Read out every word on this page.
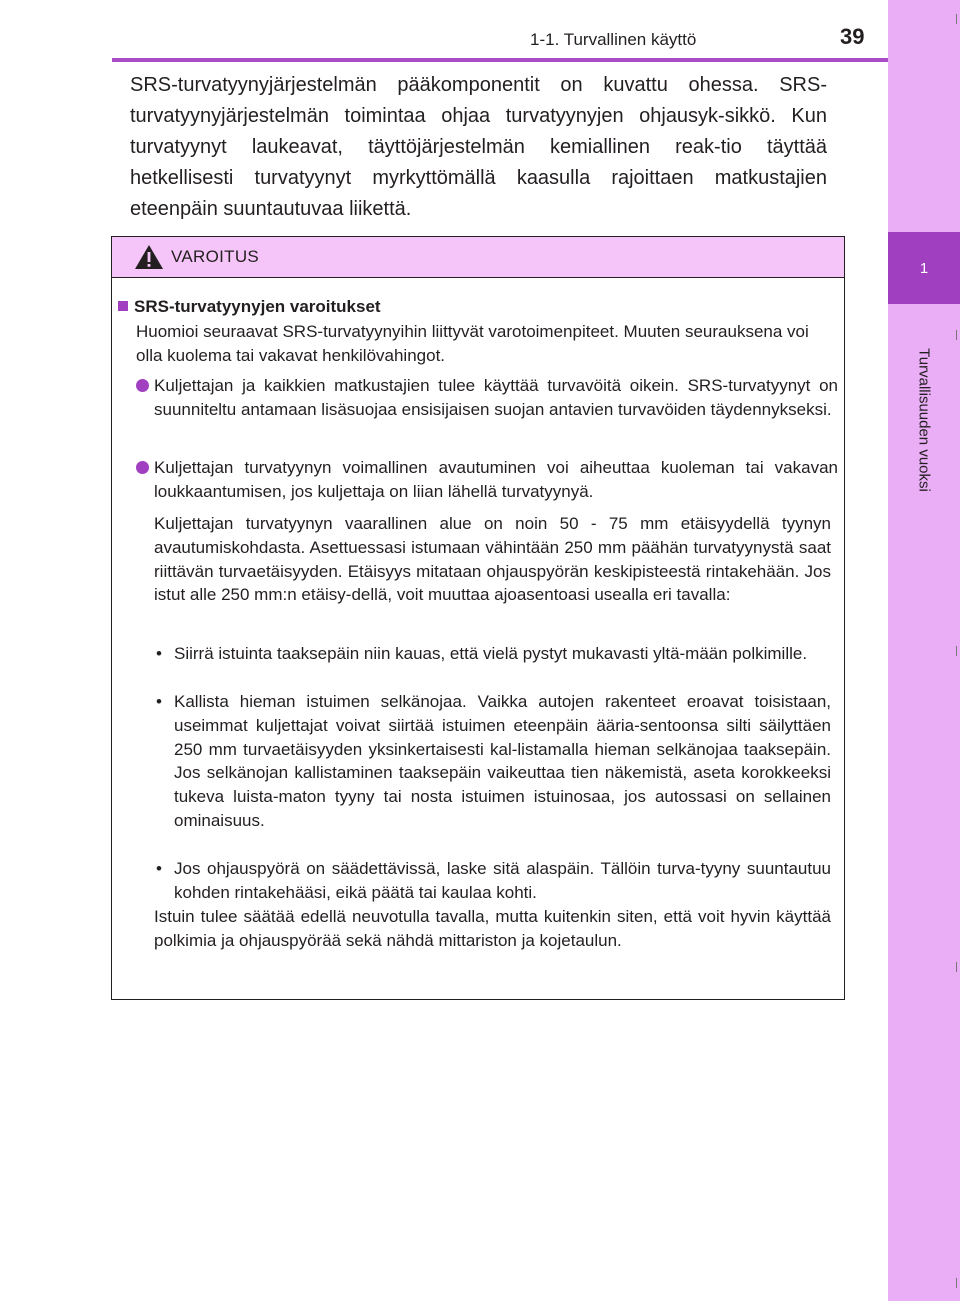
1
Turvallisuuden vuoksi
1-1. Turvallinen käyttö	39

SRS-turvatyynyjärjestelmän pääkomponentit on kuvattu ohessa. SRS-turvatyynyjärjestelmän toimintaa ohjaa turvatyynyjen ohjausyk-sikkö. Kun turvatyynyt laukeavat, täyttöjärjestelmän kemiallinen reak-tio täyttää hetkellisesti turvatyynyt myrkyttömällä kaasulla rajoittaen matkustajien eteenpäin suuntautuvaa liikettä.

VAROITUS
SRS-turvatyynyjen varoitukset

Huomioi seuraavat SRS-turvatyynyihin liittyvät varotoimenpiteet. Muuten seurauksena voi olla kuolema tai vakavat henkilövahingot.

Kuljettajan ja kaikkien matkustajien tulee käyttää turvavöitä oikein. SRS-turvatyynyt on suunniteltu antamaan lisäsuojaa ensisijaisen suojan antavien turvavöiden täydennykseksi.

Kuljettajan turvatyynyn voimallinen avautuminen voi aiheuttaa kuoleman tai vakavan loukkaantumisen, jos kuljettaja on liian lähellä turvatyynyä.

Kuljettajan turvatyynyn vaarallinen alue on noin 50 - 75 mm etäisyydellä tyynyn avautumiskohdasta. Asettuessasi istumaan vähintään 250 mm päähän turvatyynystä saat riittävän turvaetäisyyden. Etäisyys mitataan ohjauspyörän keskipisteestä rintakehään. Jos istut alle 250 mm:n etäisy-dellä, voit muuttaa ajoasentoasi usealla eri tavalla:

• Siirrä istuinta taaksepäin niin kauas, että vielä pystyt mukavasti yltä-mään polkimille.

• Kallista hieman istuimen selkänojaa. Vaikka autojen rakenteet eroavat toisistaan, useimmat kuljettajat voivat siirtää istuimen eteenpäin ääria-sentoonsa silti säilyttäen 250 mm turvaetäisyyden yksinkertaisesti kal-listamalla hieman selkänojaa taaksepäin. Jos selkänojan kallistaminen taaksepäin vaikeuttaa tien näkemistä, aseta korokkeeksi tukeva luista-maton tyyny tai nosta istuimen istuinosaa, jos autossasi on sellainen ominaisuus.

• Jos ohjauspyörä on säädettävissä, laske sitä alaspäin. Tällöin turva-tyyny suuntautuu kohden rintakehääsi, eikä päätä tai kaulaa kohti.

Istuin tulee säätää edellä neuvotulla tavalla, mutta kuitenkin siten, että voit hyvin käyttää polkimia ja ohjauspyörää sekä nähdä mittariston ja kojetaulun.
